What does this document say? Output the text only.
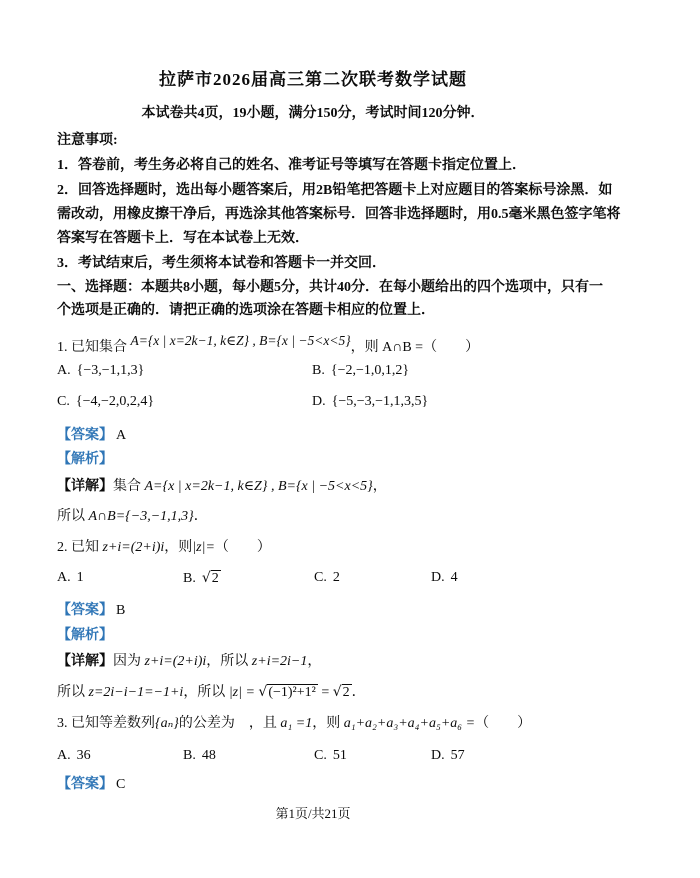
拉萨市2026届高三第二次联考数学试题
本试卷共4页，19小题，满分150分，考试时间120分钟．
注意事项:
1．答卷前，考生务必将自己的姓名、准考证号等填写在答题卡指定位置上．
2．回答选择题时，选出每小题答案后，用2B铅笔把答题卡上对应题目的答案标号涂黑．如
需改动，用橡皮擦干净后，再选涂其他答案标号．回答非选择题时，用0.5毫米黑色签字笔将
答案写在答题卡上．写在本试卷上无效．
3．考试结束后，考生须将本试卷和答题卡一并交回．
一、选择题：本题共8小题，每小题5分，共计40分．在每小题给出的四个选项中，只有一
个选项是正确的．请把正确的选项涂在答题卡相应的位置上．
1. 已知集合 A={x | x=2k−1, k∈Z} , B={x | −5<x<5}，则 A∩B =（　　）
A. {−3,−1,1,3}	B. {−2,−1,0,1,2}
C. {−4,−2,0,2,4}	D. {−5,−3,−1,1,3,5}
【答案】 A
【解析】
【详解】集合 A={x | x=2k−1, k∈Z} , B={x | −5<x<5}，
所以 A∩B={−3,−1,1,3}．
2. 已知 z+i=(2+i)i，则|z|=（　　）
A. 1	B. √2	C. 2	D. 4
【答案】 B
【解析】
【详解】因为 z+i=(2+i)i，所以 z+i=2i−1，
所以 z=2i−i−1=−1+i，所以 |z| = √(−1)²+1² = √2 ．
3. 已知等差数列{aₙ}的公差为　 ，且 a₁ =1，则 a₁+a₂+a₃+a₄+a₅+a₆ =（　　）
A. 36	B. 48	C. 51	D. 57
【答案】 C
第1页/共21页
